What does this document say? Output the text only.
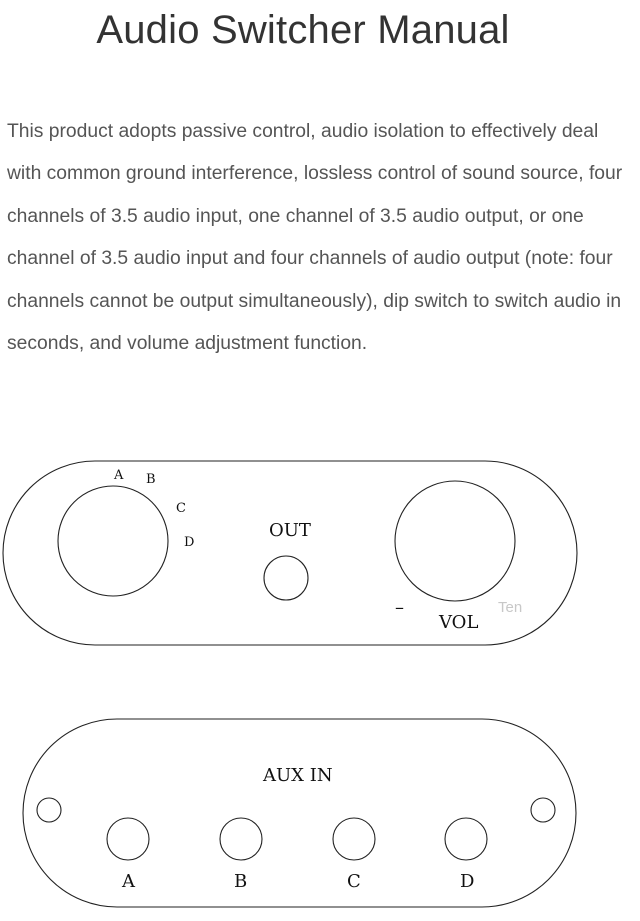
Audio Switcher Manual

This product adopts passive control, audio isolation to effectively deal with common ground interference, lossless control of sound source, four channels of 3.5 audio input, one channel of 3.5 audio output, or one channel of 3.5 audio input and four channels of audio output (note: four channels cannot be output simultaneously), dip switch to switch audio in seconds, and volume adjustment function.

A B
C
D
OUT
–
VOL
Ten
AUX IN
A	B	C	D
